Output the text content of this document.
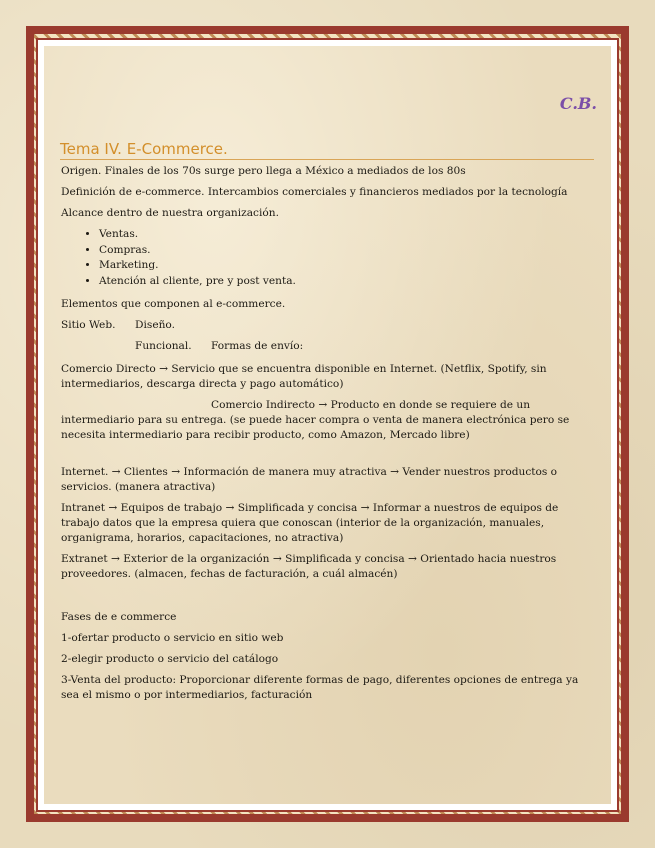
C.B.
Tema IV. E-Commerce.

Origen. Finales de los 70s surge pero llega a México a mediados de los 80s

Definición de e-commerce. Intercambios comerciales y financieros mediados por la tecnología

Alcance dentro de nuestra organización.

• Ventas.
• Compras.
• Marketing.
• Atención al cliente, pre y post venta.

Elementos que componen al e-commerce.

Sitio Web. Diseño.
Funcional. Formas de envío:

Comercio Directo → Servicio que se encuentra disponible en Internet. (Netflix, Spotify, sin intermediarios, descarga directa y pago automático)

Comercio Indirecto → Producto en donde se requiere de un
intermediario para su entrega. (se puede hacer compra o venta de manera electrónica pero se necesita intermediario para recibir producto, como Amazon, Mercado libre)

Internet. → Clientes → Información de manera muy atractiva → Vender nuestros productos o servicios. (manera atractiva)

Intranet → Equipos de trabajo → Simplificada y concisa → Informar a nuestros de equipos de trabajo datos que la empresa quiera que conoscan (interior de la organización, manuales, organigrama, horarios, capacitaciones, no atractiva)

Extranet → Exterior de la organización → Simplificada y concisa → Orientado hacia nuestros proveedores. (almacen, fechas de facturación, a cuál almacén)

Fases de e commerce

1-ofertar producto o servicio en sitio web

2-elegir producto o servicio del catálogo

3-Venta del producto: Proporcionar diferente formas de pago, diferentes opciones de entrega ya sea el mismo o por intermediarios, facturación
